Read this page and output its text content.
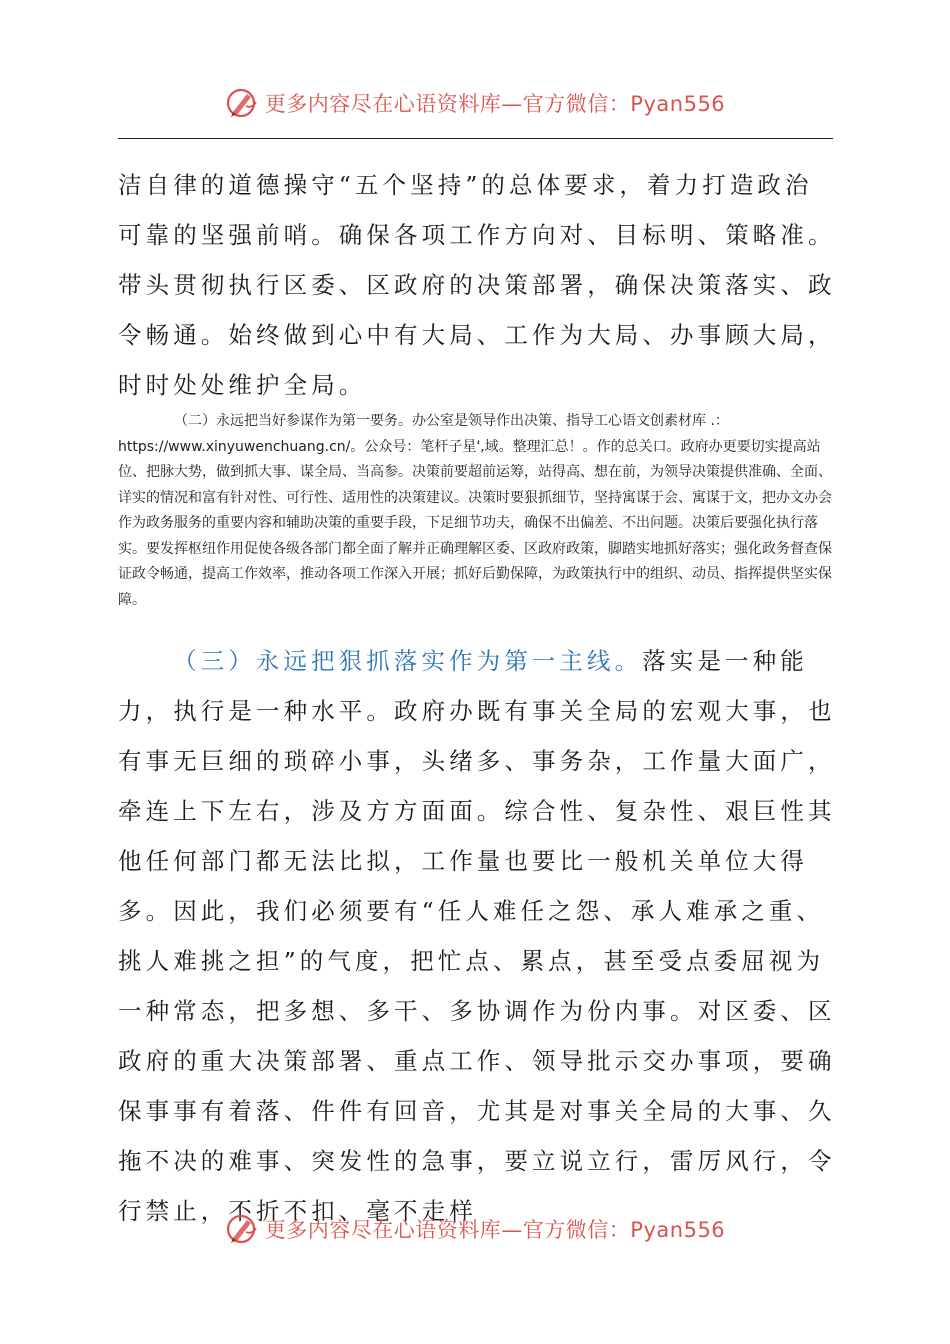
更多内容尽在心语资料库—官方微信：Pyan556

洁自律的道德操守“五个坚持”的总体要求，着力打造政治可靠的坚强前哨。确保各项工作方向对、目标明、策略准。带头贯彻执行区委、区政府的决策部署，确保决策落实、政令畅通。始终做到心中有大局、工作为大局、办事顾大局，时时处处维护全局。

（二）永远把当好参谋作为第一要务。办公室是领导作出决策、指导工心语文创素材库 .：https://www.xinyuwenchuang.cn/。公众号：笔杆子星',域。整理汇总！。作的总关口。政府办更要切实提高站位、把脉大势，做到抓大事、谋全局、当高参。决策前要超前运筹，站得高、想在前，为领导决策提供准确、全面、详实的情况和富有针对性、可行性、适用性的决策建议。决策时要狠抓细节，坚持寓谋于会、寓谋于文，把办文办会作为政务服务的重要内容和辅助决策的重要手段，下足细节功夫，确保不出偏差、不出问题。决策后要强化执行落实。要发挥枢纽作用促使各级各部门都全面了解并正确理解区委、区政府政策，脚踏实地抓好落实；强化政务督查保证政令畅通，提高工作效率，推动各项工作深入开展；抓好后勤保障，为政策执行中的组织、动员、指挥提供坚实保障。

（三）永远把狠抓落实作为第一主线。落实是一种能力，执行是一种水平。政府办既有事关全局的宏观大事，也有事无巨细的琐碎小事，头绪多、事务杂，工作量大面广，牵连上下左右，涉及方方面面。综合性、复杂性、艰巨性其他任何部门都无法比拟，工作量也要比一般机关单位大得多。因此，我们必须要有“任人难任之怨、承人难承之重、挑人难挑之担”的气度，把忙点、累点，甚至受点委屈视为一种常态，把多想、多干、多协调作为份内事。对区委、区政府的重大决策部署、重点工作、领导批示交办事项，要确保事事有着落、件件有回音，尤其是对事关全局的大事、久拖不决的难事、突发性的急事，要立说立行，雷厉风行，令行禁止，不折不扣、毫不走样

更多内容尽在心语资料库—官方微信：Pyan556
